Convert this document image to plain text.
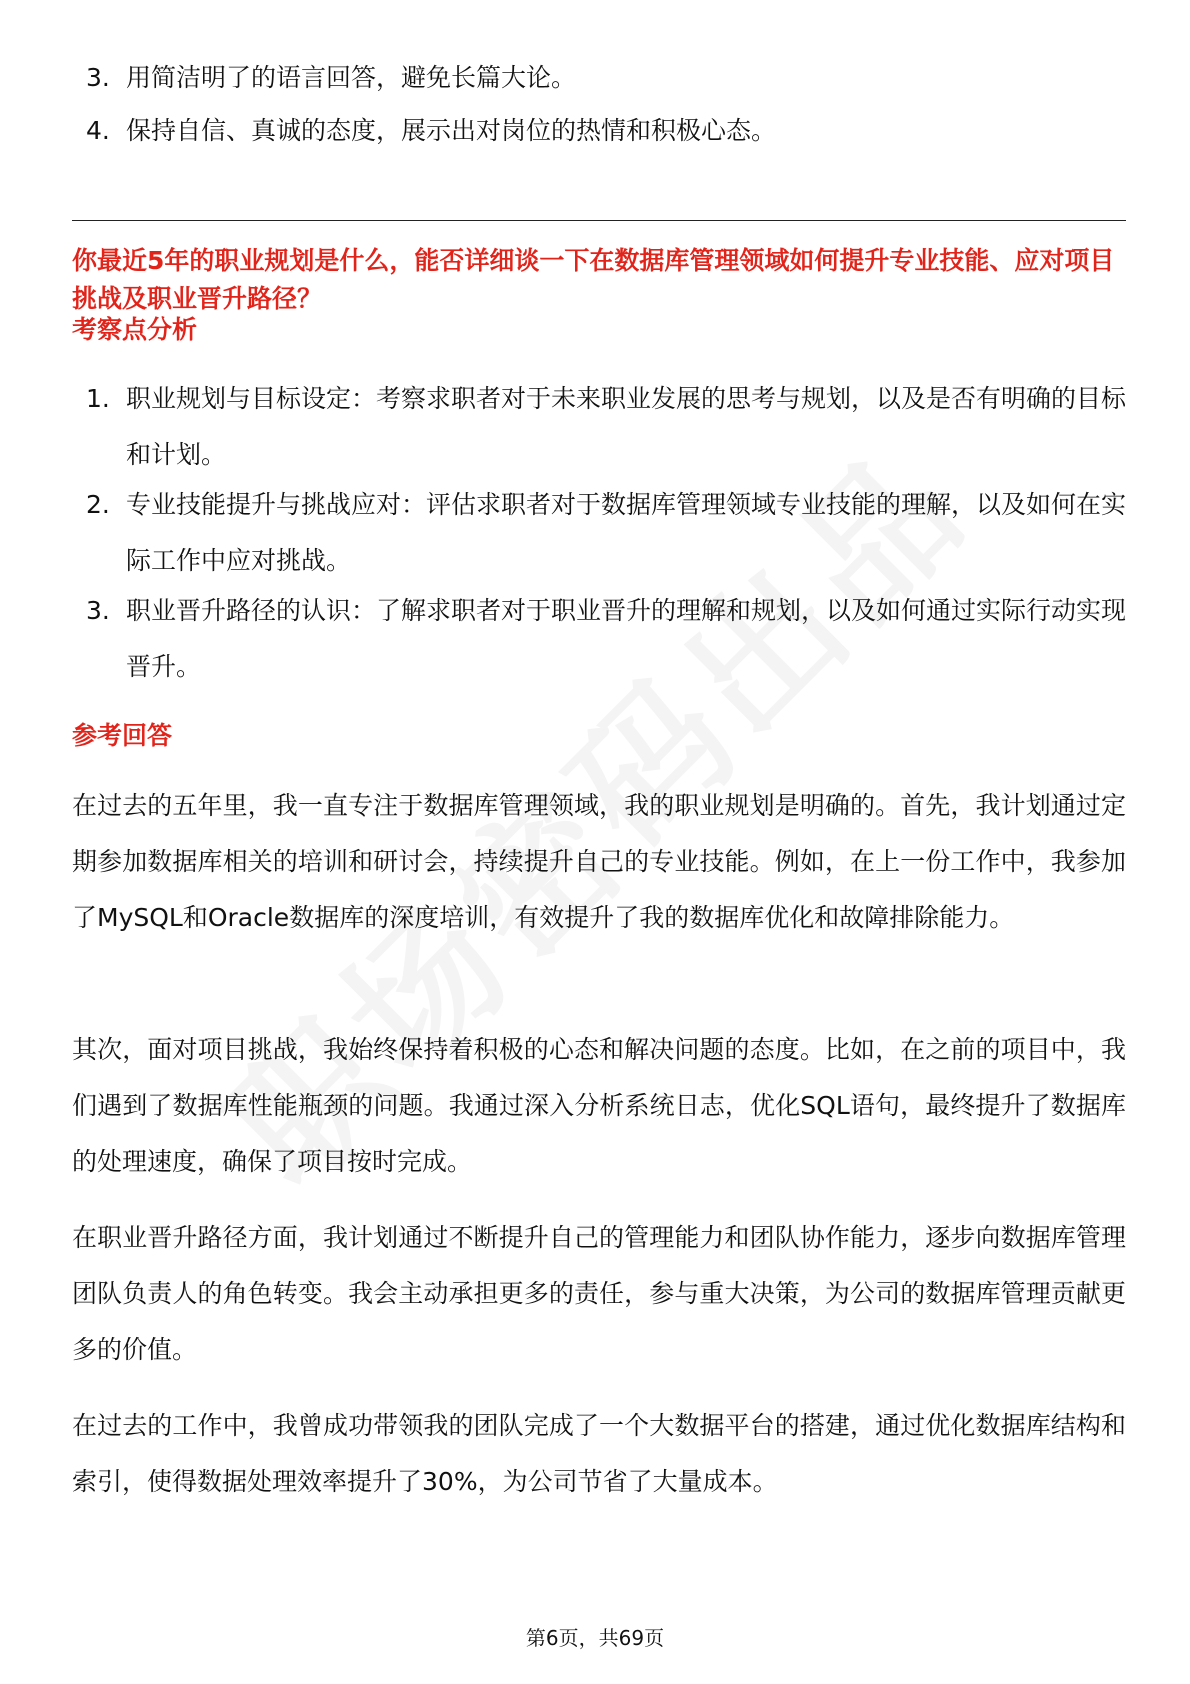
3. 用简洁明了的语言回答，避免长篇大论。
4. 保持自信、真诚的态度，展示出对岗位的热情和积极心态。
你最近5年的职业规划是什么，能否详细谈一下在数据库管理领域如何提升专业技能、应对项目挑战及职业晋升路径？
考察点分析
1. 职业规划与目标设定：考察求职者对于未来职业发展的思考与规划，以及是否有明确的目标和计划。
2. 专业技能提升与挑战应对：评估求职者对于数据库管理领域专业技能的理解，以及如何在实际工作中应对挑战。
3. 职业晋升路径的认识：了解求职者对于职业晋升的理解和规划，以及如何通过实际行动实现晋升。
参考回答
在过去的五年里，我一直专注于数据库管理领域，我的职业规划是明确的。首先，我计划通过定期参加数据库相关的培训和研讨会，持续提升自己的专业技能。例如，在上一份工作中，我参加了MySQL和Oracle数据库的深度培训，有效提升了我的数据库优化和故障排除能力。
其次，面对项目挑战，我始终保持着积极的心态和解决问题的态度。比如，在之前的项目中，我们遇到了数据库性能瓶颈的问题。我通过深入分析系统日志，优化SQL语句，最终提升了数据库的处理速度，确保了项目按时完成。
在职业晋升路径方面，我计划通过不断提升自己的管理能力和团队协作能力，逐步向数据库管理团队负责人的角色转变。我会主动承担更多的责任，参与重大决策，为公司的数据库管理贡献更多的价值。
在过去的工作中，我曾成功带领我的团队完成了一个大数据平台的搭建，通过优化数据库结构和索引，使得数据处理效率提升了30%，为公司节省了大量成本。
第6页，共69页
